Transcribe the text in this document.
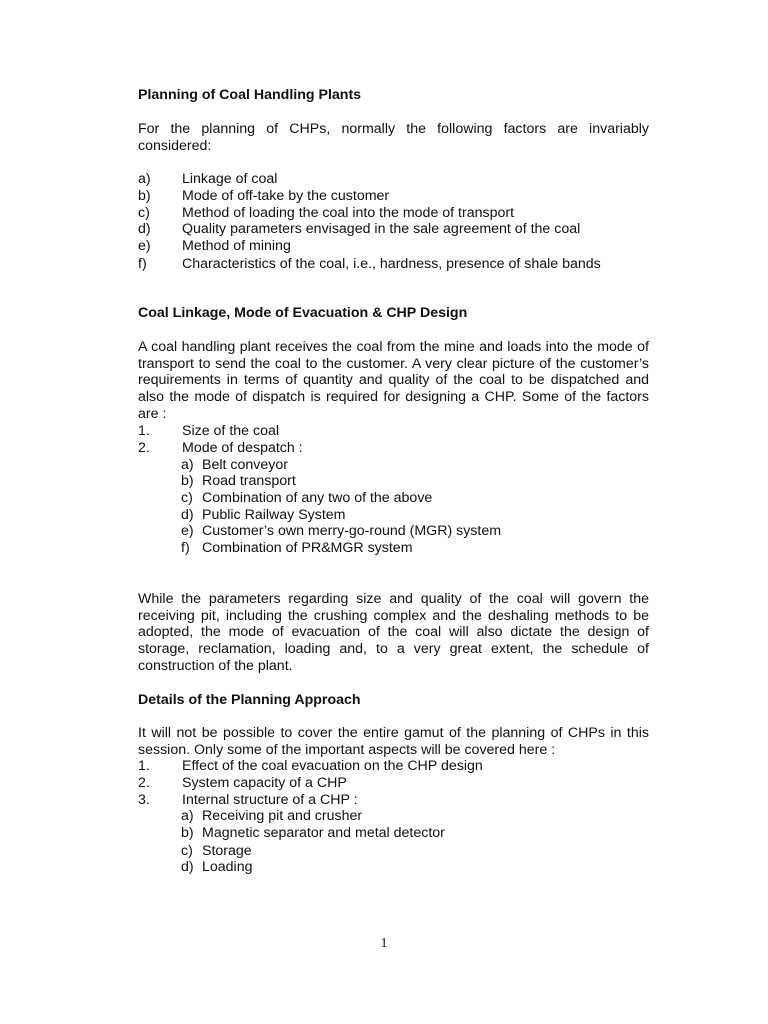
Planning of Coal Handling Plants

For the planning of CHPs, normally the following factors are invariably considered:

a) Linkage of coal
b) Mode of off-take by the customer
c) Method of loading the coal into the mode of transport
d) Quality parameters envisaged in the sale agreement of the coal
e) Method of mining
f) Characteristics of the coal, i.e., hardness, presence of shale bands
Coal Linkage, Mode of Evacuation & CHP Design

A coal handling plant receives the coal from the mine and loads into the mode of transport to send the coal to the customer. A very clear picture of the customer’s requirements in terms of quantity and quality of the coal to be dispatched and also the mode of dispatch is required for designing a CHP. Some of the factors are :

1. Size of the coal
2. Mode of despatch :
a) Belt conveyor
b) Road transport
c) Combination of any two of the above
d) Public Railway System
e) Customer’s own merry-go-round (MGR) system
f) Combination of PR&MGR system

While the parameters regarding size and quality of the coal will govern the receiving pit, including the crushing complex and the deshaling methods to be adopted, the mode of evacuation of the coal will also dictate the design of storage, reclamation, loading and, to a very great extent, the schedule of construction of the plant.

Details of the Planning Approach

It will not be possible to cover the entire gamut of the planning of CHPs in this session. Only some of the important aspects will be covered here :

1. Effect of the coal evacuation on the CHP design
2. System capacity of a CHP
3. Internal structure of a CHP :
a) Receiving pit and crusher
b) Magnetic separator and metal detector
c) Storage
d) Loading
1
